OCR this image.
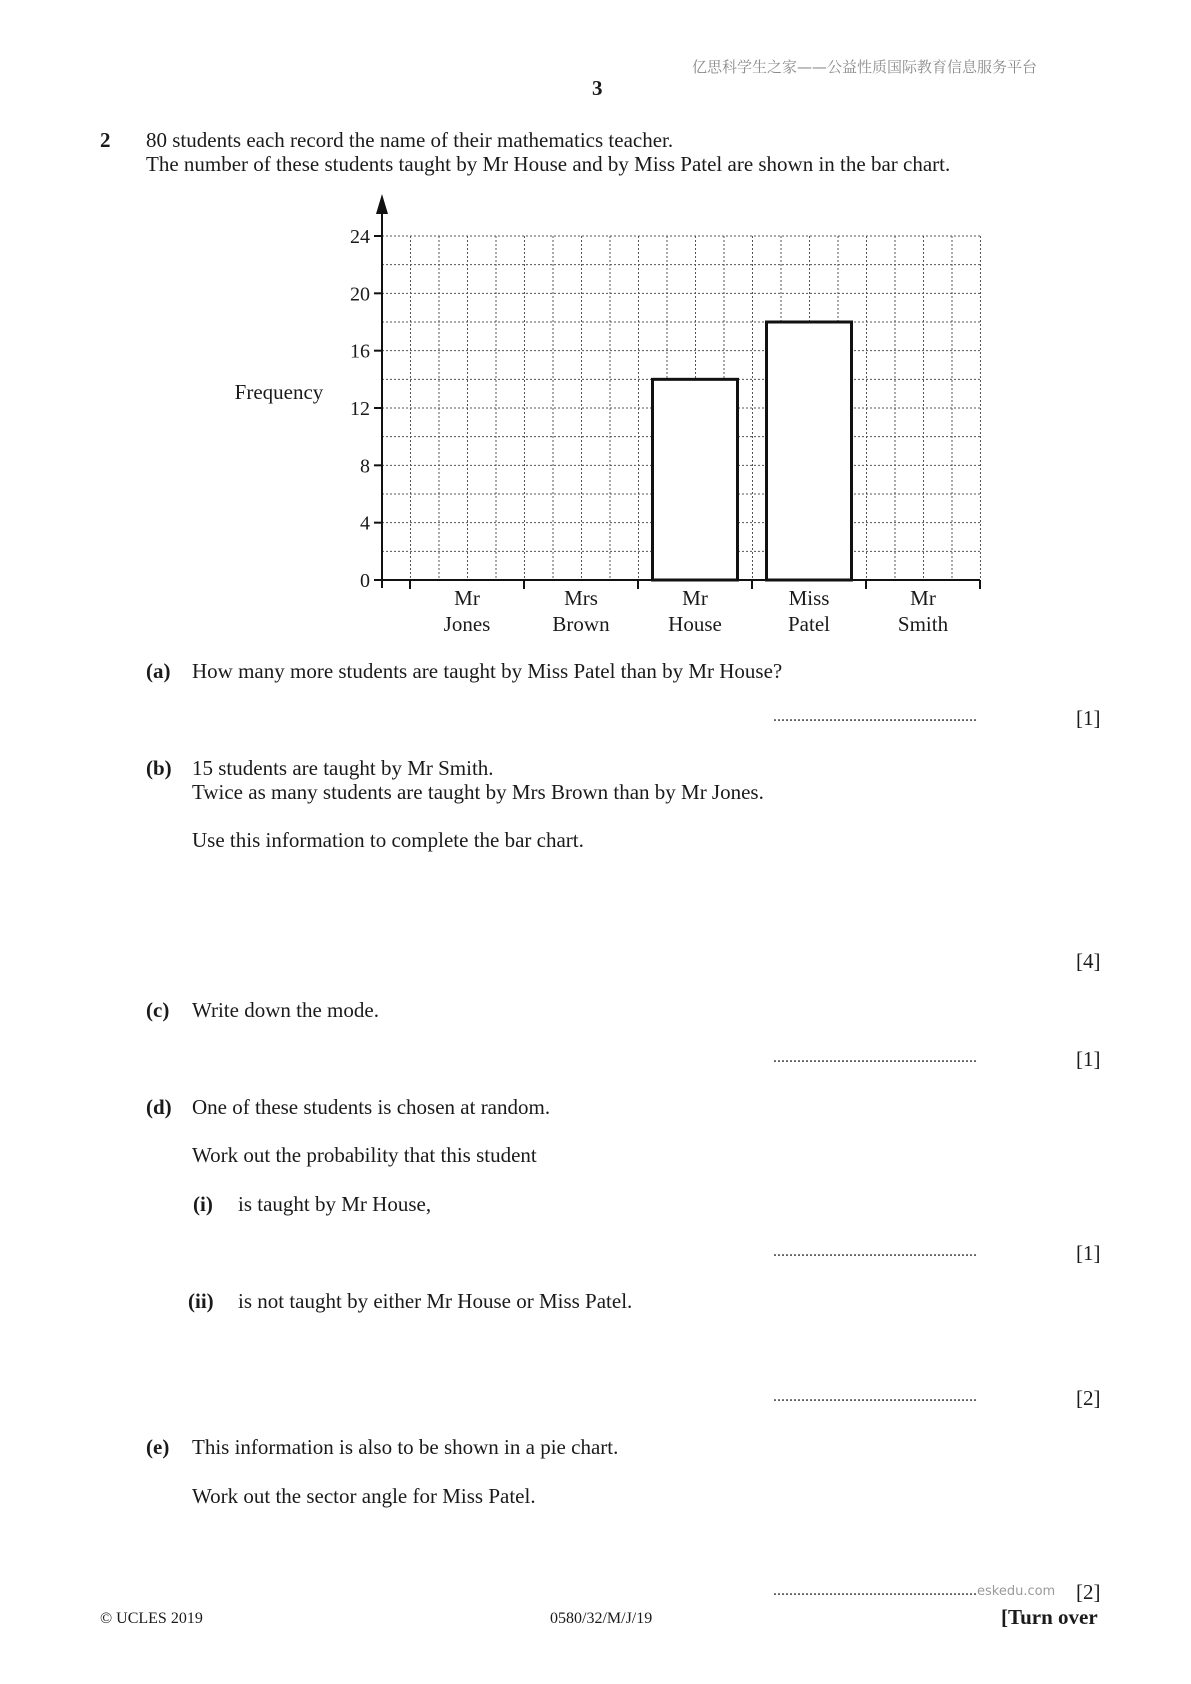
亿思科学生之家——公益性质国际教育信息服务平台
3
2 80 students each record the name of their mathematics teacher.
The number of these students taught by Mr House and by Miss Patel are shown in the bar chart.
0
4
8
12
16
20
24
Frequency
Mr
Jones
Mrs
Brown
Mr
House
Miss
Patel
Mr
Smith
(a) How many more students are taught by Miss Patel than by Mr House?
...................................................	[1]
(b) 15 students are taught by Mr Smith.
Twice as many students are taught by Mrs Brown than by Mr Jones.
Use this information to complete the bar chart.
[4]
(c) Write down the mode.
...................................................	[1]
(d) One of these students is chosen at random.
Work out the probability that this student
(i) is taught by Mr House,
...................................................	[1]
(ii) is not taught by either Mr House or Miss Patel.
...................................................	[2]
(e) This information is also to be shown in a pie chart.
Work out the sector angle for Miss Patel.
................................................... eskedu.com [2]
© UCLES 2019	0580/32/M/J/19	[Turn over
